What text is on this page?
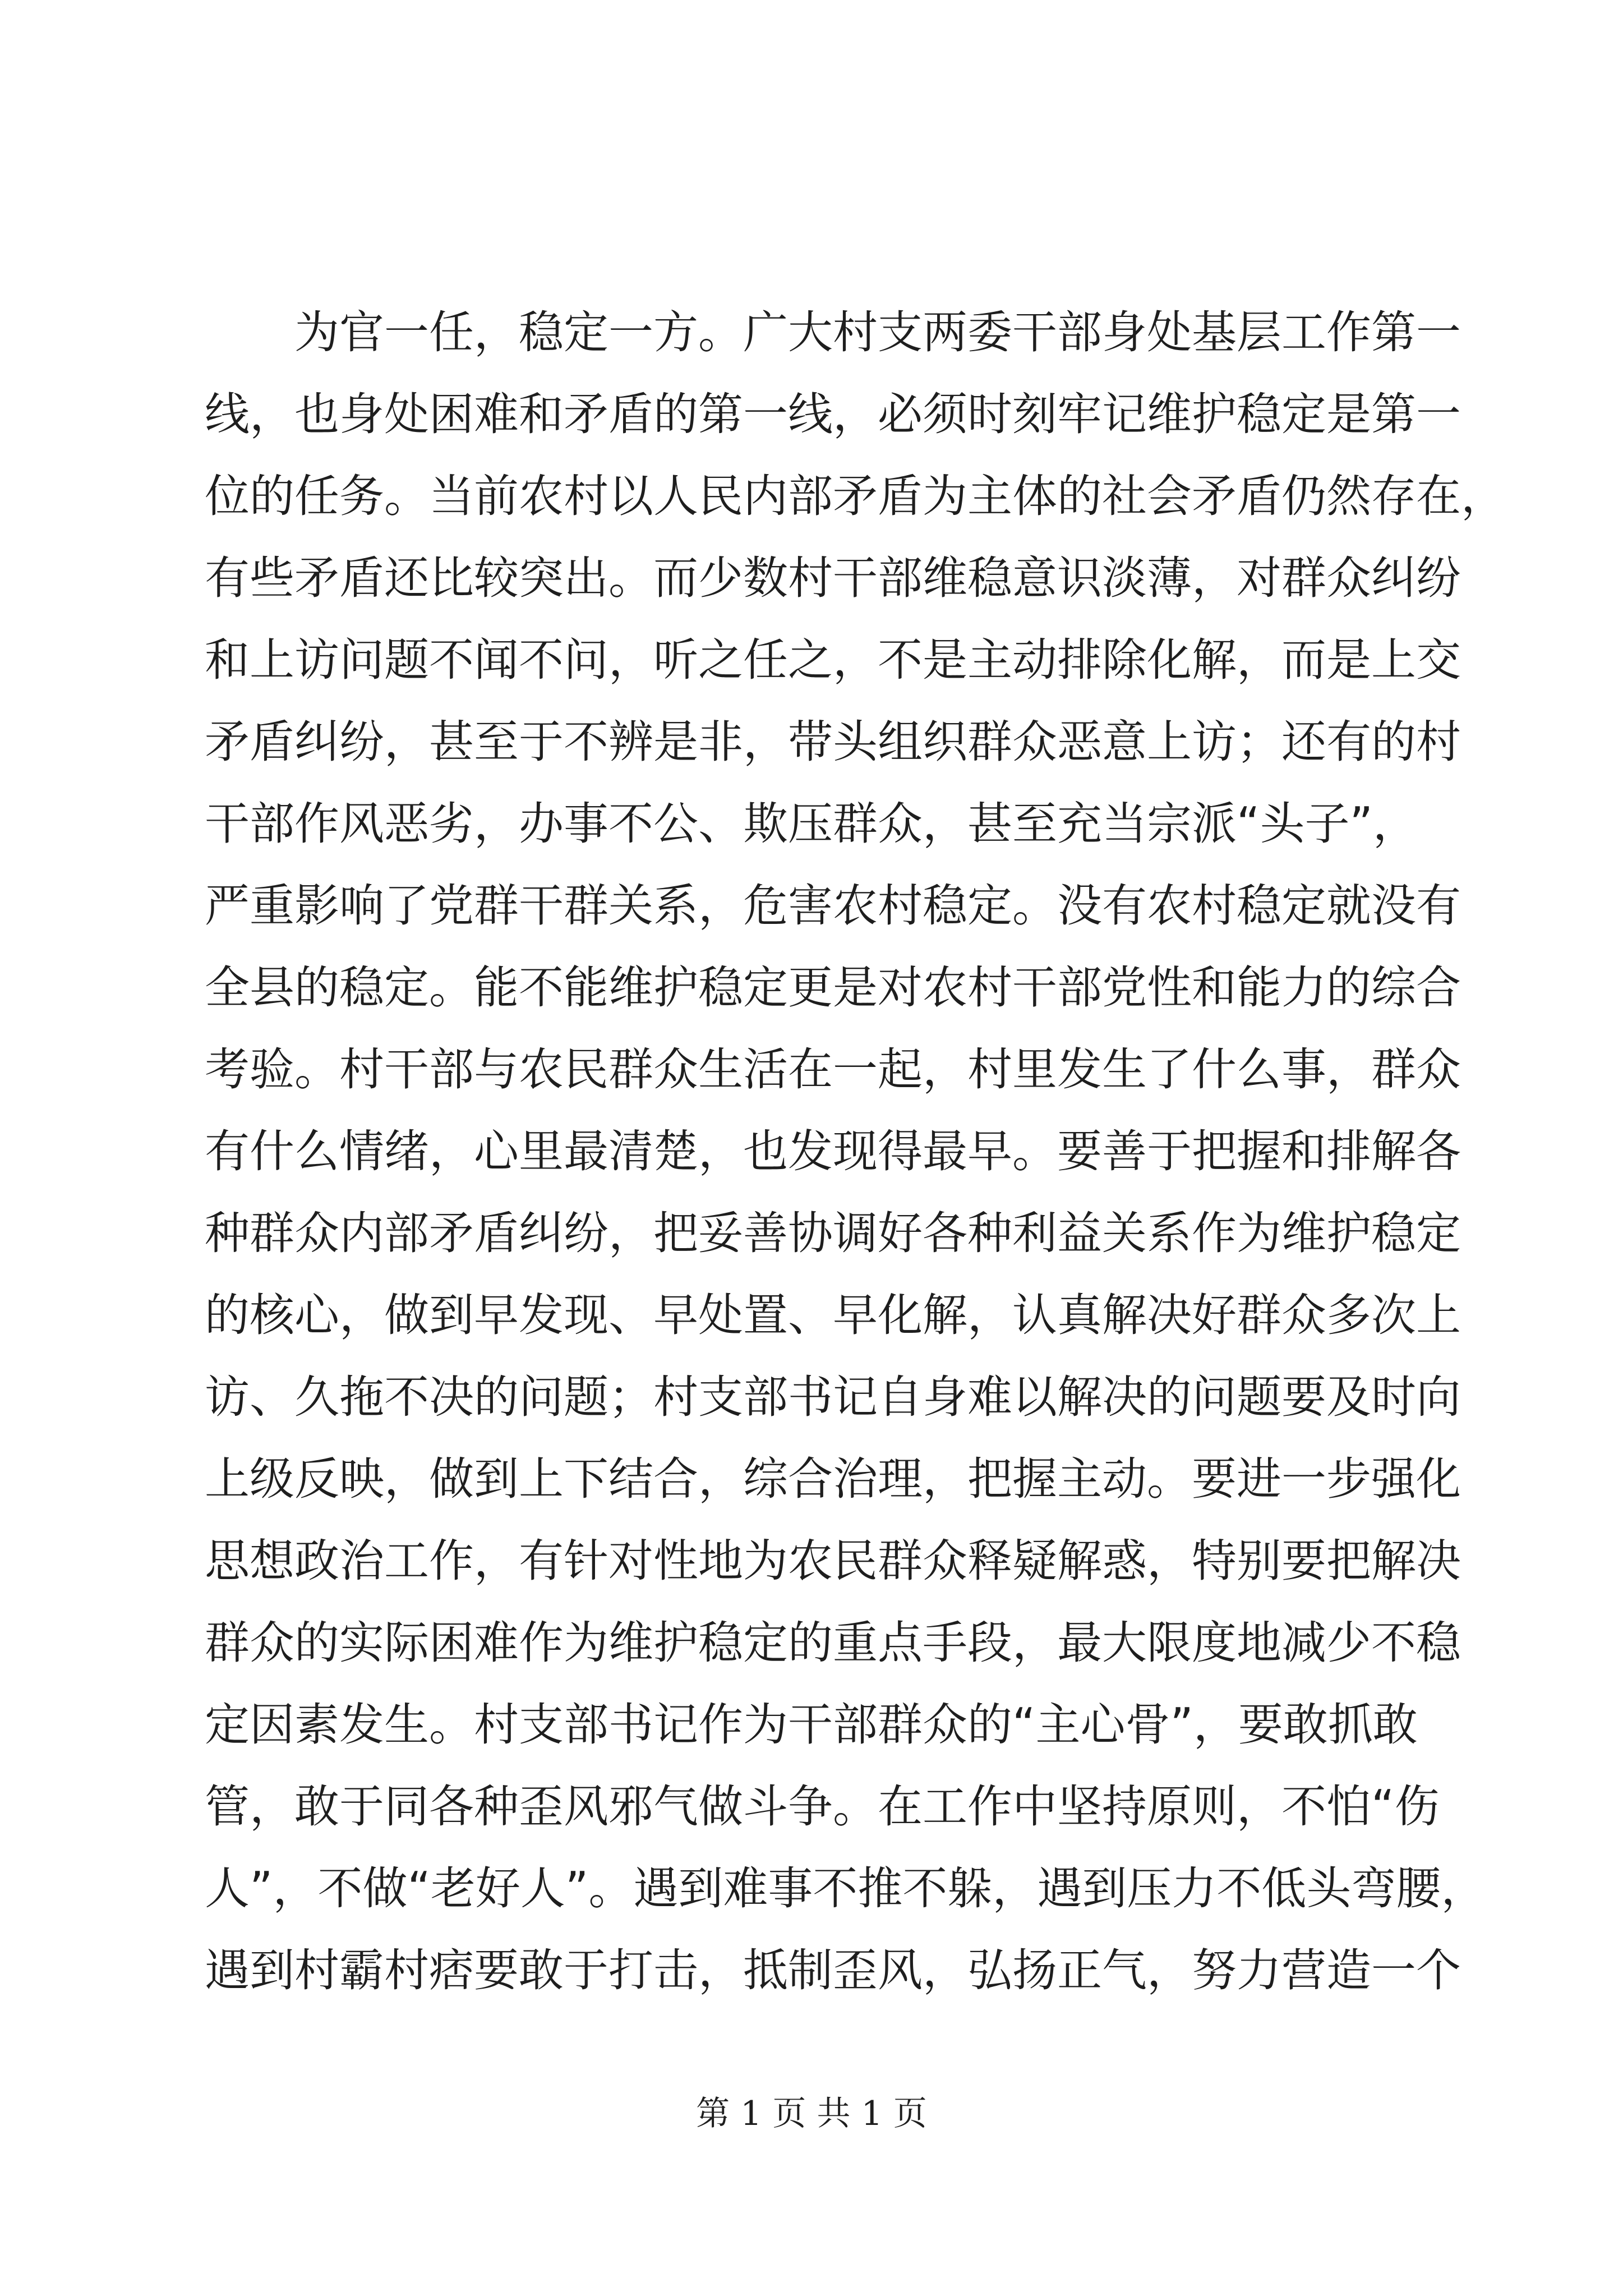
为官一任，稳定一方。广大村支两委干部身处基层工作第一
线，也身处困难和矛盾的第一线，必须时刻牢记维护稳定是第一
位的任务。当前农村以人民内部矛盾为主体的社会矛盾仍然存在，
有些矛盾还比较突出。而少数村干部维稳意识淡薄，对群众纠纷
和上访问题不闻不问，听之任之，不是主动排除化解，而是上交
矛盾纠纷，甚至于不辨是非，带头组织群众恶意上访；还有的村
干部作风恶劣，办事不公、欺压群众，甚至充当宗派“头子”，
严重影响了党群干群关系，危害农村稳定。没有农村稳定就没有
全县的稳定。能不能维护稳定更是对农村干部党性和能力的综合
考验。村干部与农民群众生活在一起，村里发生了什么事，群众
有什么情绪，心里最清楚，也发现得最早。要善于把握和排解各
种群众内部矛盾纠纷，把妥善协调好各种利益关系作为维护稳定
的核心，做到早发现、早处置、早化解，认真解决好群众多次上
访、久拖不决的问题；村支部书记自身难以解决的问题要及时向
上级反映，做到上下结合，综合治理，把握主动。要进一步强化
思想政治工作，有针对性地为农民群众释疑解惑，特别要把解决
群众的实际困难作为维护稳定的重点手段，最大限度地减少不稳
定因素发生。村支部书记作为干部群众的“主心骨”，要敢抓敢
管，敢于同各种歪风邪气做斗争。在工作中坚持原则，不怕“伤
人”，不做“老好人”。遇到难事不推不躲，遇到压力不低头弯腰，
遇到村霸村痞要敢于打击，抵制歪风，弘扬正气，努力营造一个
第 1 页 共 1 页
